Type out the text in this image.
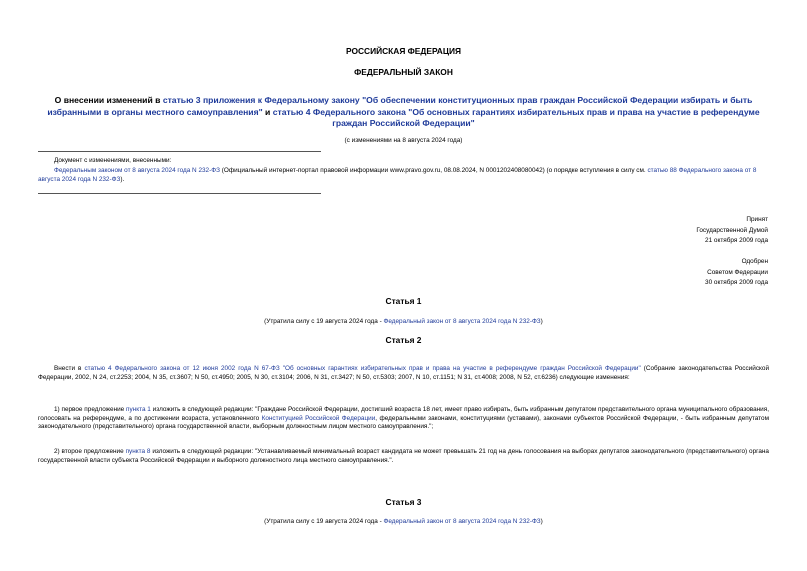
РОССИЙСКАЯ ФЕДЕРАЦИЯ
ФЕДЕРАЛЬНЫЙ ЗАКОН
О внесении изменений в статью 3 приложения к Федеральному закону "Об обеспечении конституционных прав граждан Российской Федерации избирать и быть избранными в органы местного самоуправления" и статью 4 Федерального закона "Об основных гарантиях избирательных прав и права на участие в референдуме граждан Российской Федерации"
(с изменениями на 8 августа 2024 года)
Документ с изменениями, внесенными:
Федеральным законом от 8 августа 2024 года N 232-ФЗ (Официальный интернет-портал правовой информации www.pravo.gov.ru, 08.08.2024, N 0001202408080042) (о порядке вступления в силу см. статью 88 Федерального закона от 8 августа 2024 года N 232-ФЗ).
Принят
Государственной Думой
21 октября 2009 года
Одобрен
Советом Федерации
30 октября 2009 года
Статья 1
(Утратила силу с 19 августа 2024 года - Федеральный закон от 8 августа 2024 года N 232-ФЗ)
Статья 2
Внести в статью 4 Федерального закона от 12 июня 2002 года N 67-ФЗ "Об основных гарантиях избирательных прав и права на участие в референдуме граждан Российской Федерации" (Собрание законодательства Российской Федерации, 2002, N 24, ст.2253; 2004, N 35, ст.3607; N 50, ст.4950; 2005, N 30, ст.3104; 2006, N 31, ст.3427; N 50, ст.5303; 2007, N 10, ст.1151; N 31, ст.4008; 2008, N 52, ст.6236) следующие изменения:
1) первое предложение пункта 1 изложить в следующей редакции: "Граждане Российской Федерации, достигший возраста 18 лет, имеет право избирать, быть избранным депутатом представительного органа муниципального образования, голосовать на референдуме, а по достижении возраста, установленного Конституцией Российской Федерации, федеральными законами, конституциями (уставами), законами субъектов Российской Федерации, - быть избранным депутатом законодательного (представительного) органа государственной власти, выборным должностным лицом местного самоуправления.";
2) второе предложение пункта 8 изложить в следующей редакции: "Устанавливаемый минимальный возраст кандидата не может превышать 21 год на день голосования на выборах депутатов законодательного (представительного) органа государственной власти субъекта Российской Федерации и выборного должностного лица местного самоуправления.".
Статья 3
(Утратила силу с 19 августа 2024 года - Федеральный закон от 8 августа 2024 года N 232-ФЗ)
